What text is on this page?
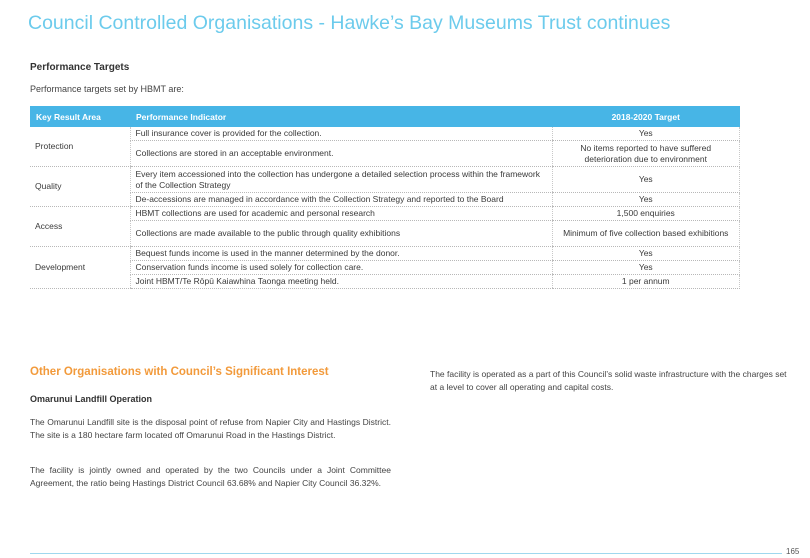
Council Controlled Organisations - Hawke’s Bay Museums Trust continues
Performance Targets
Performance targets set by HBMT are:
Key Result Area	Performance Indicator	2018-2020 Target
Protection	Full insurance cover is provided for the collection.	Yes
	Collections are stored in an acceptable environment.	No items reported to have suffered deterioration due to environment
Quality	Every item accessioned into the collection has undergone a detailed selection process within the framework of the Collection Strategy	Yes
	De-accessions are managed in accordance with the Collection Strategy and reported to the Board	Yes
Access	HBMT collections are used for academic and personal research	1,500 enquiries
	Collections are made available to the public through quality exhibitions	Minimum of five collection based exhibitions
Development	Bequest funds income is used in the manner determined by the donor.	Yes
	Conservation funds income is used solely for collection care.	Yes
	Joint HBMT/Te Rōpū Kaiawhina Taonga meeting held.	1 per annum
Other Organisations with Council’s Significant Interest
Omarunui Landfill Operation

The Omarunui Landfill site is the disposal point of refuse from Napier City and Hastings District. The site is a 180 hectare farm located off Omarunui Road in the Hastings District.

The facility is jointly owned and operated by the two Councils under a Joint Committee Agreement, the ratio being Hastings District Council 63.68% and Napier City Council 36.32%.

The facility is operated as a part of this Council’s solid waste infrastructure with the charges set at a level to cover all operating and capital costs.

165
